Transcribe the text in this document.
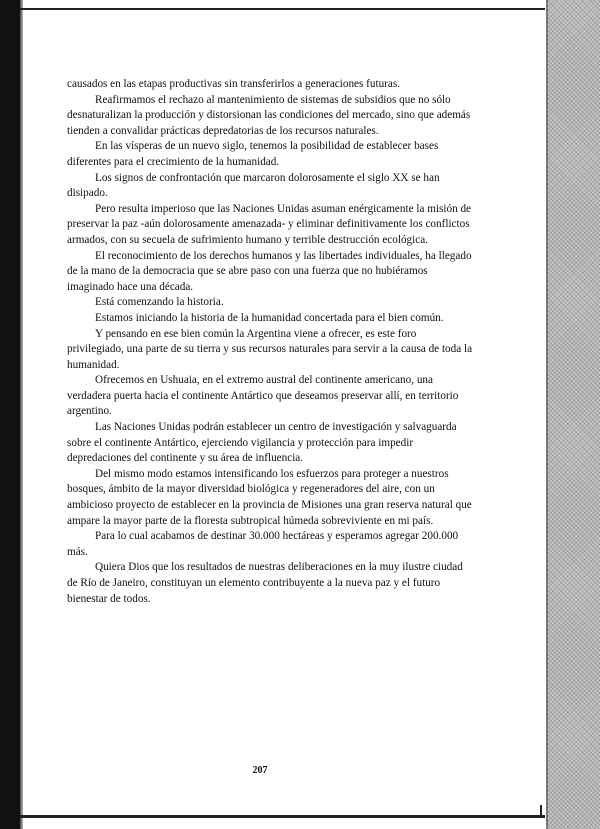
causados en las etapas productivas sin transferirlos a generaciones futuras.

Reafirmamos el rechazo al mantenimiento de sistemas de subsidios que no sólo desnaturalizan la producción y distorsionan las condiciones del mercado, sino que además tienden a convalidar prácticas depredatorias de los recursos naturales.

En las vísperas de un nuevo siglo, tenemos la posibilidad de establecer bases diferentes para el crecimiento de la humanidad.

Los signos de confrontación que marcaron dolorosamente el siglo XX se han disipado.

Pero resulta imperioso que las Naciones Unidas asuman enérgicamente la misión de preservar la paz -aún dolorosamente amenazada- y eliminar definitivamente los conflictos armados, con su secuela de sufrimiento humano y terrible destrucción ecológica.

El reconocimiento de los derechos humanos y las libertades individuales, ha llegado de la mano de la democracia que se abre paso con una fuerza que no hubiéramos imaginado hace una década.

Está comenzando la historia.

Estamos iniciando la historia de la humanidad concertada para el bien común.

Y pensando en ese bien común la Argentina viene a ofrecer, es este foro privilegiado, una parte de su tierra y sus recursos naturales para servir a la causa de toda la humanidad.

Ofrecemos en Ushuaia, en el extremo austral del continente americano, una verdadera puerta hacia el continente Antártico que deseamos preservar allí, en territorio argentino.

Las Naciones Unidas podrán establecer un centro de investigación y salvaguarda sobre el continente Antártico, ejerciendo vigilancia y protección para impedir depredaciones del continente y su área de influencia.

Del mismo modo estamos intensificando los esfuerzos para proteger a nuestros bosques, ámbito de la mayor diversidad biológica y regeneradores del aire, con un ambicioso proyecto de establecer en la provincia de Misiones una gran reserva natural que ampare la mayor parte de la floresta subtropical húmeda sobreviviente en mi país.

Para lo cual acabamos de destinar 30.000 hectáreas y esperamos agregar 200.000 más.

Quiera Dios que los resultados de nuestras deliberaciones en la muy ilustre ciudad de Río de Janeiro, constituyan un elemento contribuyente a la nueva paz y el futuro bienestar de todos.

207
